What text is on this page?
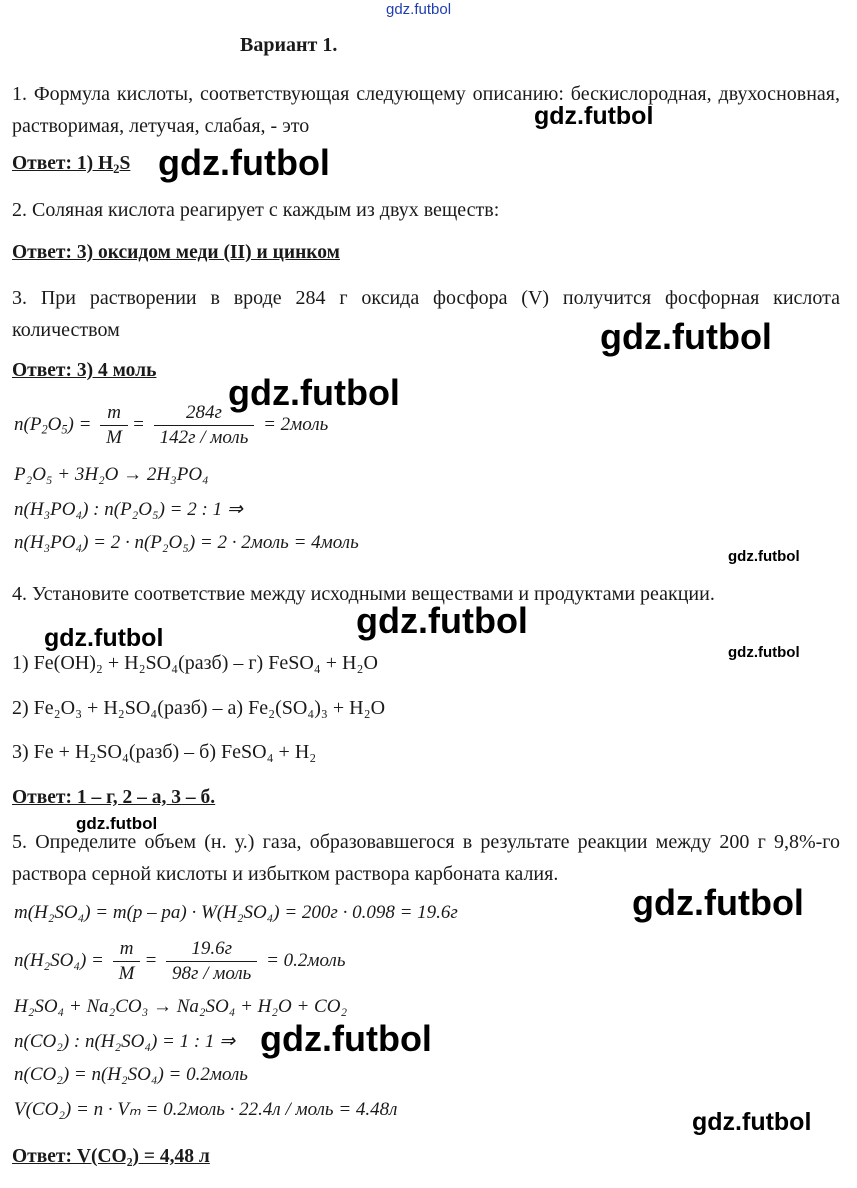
gdz.futbol
Вариант 1.
1. Формула кислоты, соответствующая следующему описанию: бескислородная, двухосновная, растворимая, летучая, слабая, - это	gdz.futbol
Ответ: 1) $H_2S$ gdz.futbol
2. Соляная кислота реагирует с каждым из двух веществ:
Ответ: 3) оксидом меди (II) и цинком
3. При растворении в вроде 284 г оксида фосфора (V) получится фосфорная кислота количеством	gdz.futbol
Ответ: 3) 4 моль
gdz.futbol
$n(P_2O_5) = \frac{m}{M} = \frac{284г}{\text{142г / моль}}$ = 2моль
P₂O₅ + 3H₂O → 2H₃PO₄
n(H₃PO₄) : n(P₂O₅) = 2 : 1 ⇒
n(H₃PO₄) = 2 · n(P₂O₅) = 2 · 2моль = 4моль
gdz.futbol
4. Установите соответствие между исходными веществами и продуктами реакции.
gdz.futbol
gdz.futbol
gdz.futbol
1) Fe(OH)₂ + H₂SO₄(разб) – г) FeSO₄ + H₂O
2) Fe₂O₃ + H₂SO₄(разб) – а) Fe₂(SO₄)₃ + H₂O
3) Fe + H₂SO₄(разб) – б) FeSO₄ + H₂
Ответ: 1 – г, 2 – а, 3 – б.
gdz.futbol
5. Определите объем (н. у.) газа, образовавшегося в результате реакции между 200 г 9,8%-го раствора серной кислоты и избытком раствора карбоната калия.
gdz.futbol
m(H₂SO₄) = m(p – pa) · W(H₂SO₄) = 200г · 0.098 = 19.6г
$n(H_2SO_4) = \frac{m}{M} = \frac{19.6г}{\text{98г / моль}}$ = 0.2моль
H₂SO₄ + Na₂CO₃ → Na₂SO₄ + H₂O + CO₂
n(CO₂) : n(H₂SO₄) = 1 : 1 ⇒ gdz.futbol
n(CO₂) = n(H₂SO₄) = 0.2моль
V(CO₂) = n · Vₘ = 0.2моль · 22.4л / моль = 4.48л	gdz.futbol
Ответ: V(CO₂) = 4,48 л
